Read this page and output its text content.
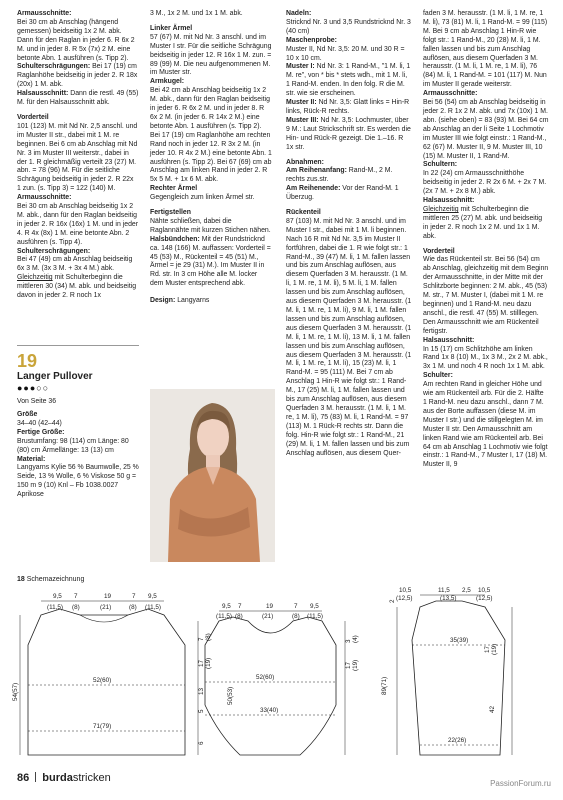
Armausschnitte:
Bei 30 cm ab Anschlag (hängend gemessen) beidseitig 1x 2 M. abk. Dann für den Raglan in jeder 6. R 6x 2 M. und in jeder 8. R 5x (7x) 2 M. eine betonte Abn. 1 ausführen (s. Tipp 2).

Schulterschrägungen: Bei 17 (19) cm Raglanhöhe beidseitig in jeder 2. R 18x (20x) 1 M. abk.

Halsausschnitt: Dann die restl. 49 (55) M. für den Halsausschnitt abk.

Vorderteil

101 (123) M. mit Nd Nr. 2,5 anschl. und im Muster II str., dabei mit 1 M. re beginnen. Bei 6 cm ab Anschlag mit Nd Nr. 3 im Muster III weiterstr., dabei in der 1. R gleichmäßig verteilt 23 (27) M. abn. = 78 (96) M. Für die seitliche Schrägung beidseitig in jeder 2. R 22x 1 zun. (s. Tipp 3) = 122 (140) M.

Armausschnitte:
Bei 30 cm ab Anschlag beidseitig 1x 2 M. abk., dann für den Raglan beidseitig in jeder 2. R 16x (16x) 1 M. und in jeder 4. R 4x (8x) 1 M. eine betonte Abn. 2 ausführen (s. Tipp 4).

Schulterschrägungen:
Bei 47 (49) cm ab Anschlag beidseitig 6x 3 M. (3x 3 M. + 3x 4 M.) abk. Gleichzeitig mit Schulterbeginn die mittleren 30 (34) M. abk. und beidseitig davon in jeder 2. R noch 1x

3 M., 1x 2 M. und 1x 1 M. abk.

Linker Ärmel

57 (67) M. mit Nd Nr. 3 anschl. und im Muster I str. Für die seitliche Schrägung beidseitig in jeder 12. R 16x 1 M. zun. = 89 (99) M. Die neu aufgenommenen M. im Muster str.

Armkugel:
Bei 42 cm ab Anschlag beidseitig 1x 2 M. abk., dann für den Raglan beidseitig in jeder 6. R 6x 2 M. und in jeder 8. R 6x 2 M. (in jeder 6. R 14x 2 M.) eine betonte Abn. 1 ausführen (s. Tipp 2). Bei 17 (19) cm Raglanhöhe am rechten Rand noch in jeder 12. R 3x 2 M. (in jeder 10. R 4x 2 M.) eine betonte Abn. 1 ausführen (s. Tipp 2). Bei 67 (69) cm ab Anschlag am linken Rand in jeder 2. R 5x 5 M. + 1x 6 M. abk.

Rechter Ärmel
Gegengleich zum linken Ärmel str.

Fertigstellen

Nähte schließen, dabei die Raglannähte mit kurzen Stichen nähen.

Halsbündchen: Mit der Rundstricknd ca. 148 (166) M. auffassen: Vorderteil = 45 (53) M., Rückenteil = 45 (51) M., Ärmel = je 29 (31) M.). Im Muster II in Rd. str. In 3 cm Höhe alle M. locker dem Muster entsprechend abk.

Design: Langyarns

Nadeln:
Stricknd Nr. 3 und 3,5 Rundstricknd Nr. 3 (40 cm)

Maschenprobe:
Muster II, Nd Nr. 3,5: 20 M. und 30 R = 10 x 10 cm.

Muster I: Nd Nr. 3: 1 Rand-M., "1 M. li, 1 M. re", von * bis * stets wdh., mit 1 M. li, 1 Rand-M. enden. In den folg. R die M. str. wie sie erscheinen.

Muster II: Nd Nr. 3,5: Glatt links = Hin-R links, Rück-R rechts.

Muster III: Nd Nr. 3,5: Lochmuster, über 9 M.: Laut Strickschrift str. Es werden die Hin- und Rück-R gezeigt. Die 1.–16. R 1x str.

Abnahmen:

Am Reihenanfang: Rand-M., 2 M. rechts zus.str.

Am Reihenende: Vor der Rand-M. 1 Überzug.

Rückenteil

87 (103) M. mit Nd Nr. 3 anschl. und im Muster I str., dabei mit 1 M. li beginnen. Nach 16 R mit Nd Nr. 3,5 im Muster II fortführen, dabei die 1. R wie folgt str.: 1 Rand-M., 39 (47) M. li, 1 M. fallen lassen und bis zum Anschlag auflösen, aus diesem Querfaden 3 M. herausstr. (1 M. li, 1 M. re, 1 M. li), 5 M. li, 1 M. fallen lassen und bis zum Anschlag auflösen, aus diesem Querfaden 3 M. herausstr. (1 M. li, 1 M. re, 1 M. li), 9 M. li, 1 M. fallen lassen und bis zum Anschlag auflösen, aus diesem Querfaden 3 M. herausstr. (1 M. li, 1 M. re, 1 M. li), 13 M. li, 1 M. fallen lassen und bis zum Anschlag auflösen, aus diesem Querfaden 3 M. herausstr. (1 M. li, 1 M. re, 1 M. li), 15 (23) M. li, 1 Rand-M. = 95 (111) M. Bei 7 cm ab Anschlag 1 Hin-R wie folgt str.: 1 Rand-M., 17 (25) M. li, 1 M. fallen lassen und bis zum Anschlag auflösen, aus diesem Querfaden 3 M. herausstr. (1 M. li, 1 M. re, 1 M. li), 75 (83) M. li, 1 Rand-M. = 97 (113) M. 1 Rück-R rechts str. Dann die folg. Hin-R wie folgt str.: 1 Rand-M., 21 (29) M. li, 1 M. fallen lassen und bis zum Anschlag auflösen, aus diesem Quer-

faden 3 M. herausstr. (1 M. li, 1 M. re, 1 M. li), 73 (81) M. li, 1 Rand-M. = 99 (115) M. Bei 9 cm ab Anschlag 1 Hin-R wie folgt str.: 1 Rand-M., 20 (28) M. li, 1 M. fallen lassen und bis zum Anschlag auflösen, aus diesem Querfaden 3 M. herausstr. (1 M. li, 1 M. re, 1 M. li), 76 (84) M. li, 1 Rand-M. = 101 (117) M. Nun im Muster II gerade weiterstr.

Armausschnitte:
Bei 56 (54) cm ab Anschlag beidseitig in jeder 2. R 1x 2 M. abk. und 7x (10x) 1 M. abn. (siehe oben) = 83 (93) M. Bei 64 cm ab Anschlag an der li Seite 1 Lochmotiv im Muster III wie folgt einstr.: 1 Rand-M., 62 (67) M. Muster II, 9 M. Muster III, 10 (15) M. Muster II, 1 Rand-M.

Schultern:
In 22 (24) cm Armausschnitthöhe beidseitig in jeder 2. R 2x 6 M. + 2x 7 M. (2x 7 M. + 2x 8 M.) abk.

Halsausschnitt:
Gleichzeitig mit Schulterbeginn die mittleren 25 (27) M. abk. und beidseitig in jeder 2. R noch 1x 2 M. und 1x 1 M. abk.

Vorderteil

Wie das Rückenteil str. Bei 56 (54) cm ab Anschlag, gleichzeitig mit dem Beginn der Armausschnitte, in der Mitte mit der Schlitzborte beginnen: 2 M. abk., 45 (53) M. str., 7 M. Muster I, (dabei mit 1 M. re beginnen) und 1 Rand-M. neu dazu anschl., die restl. 47 (55) M. stilllegen. Den Armausschnitt wie am Rückenteil fertigstr.

Halsausschnitt:
In 15 (17) cm Schlitzhöhe am linken Rand 1x 8 (10) M., 1x 3 M., 2x 2 M. abk., 3x 1 M. und noch 4 R noch 1x 1 M. abk.

Schulter:
Am rechten Rand in gleicher Höhe und wie am Rückenteil arb. Für die 2. Hälfte 1 Rand-M. neu dazu anschl., dann 7 M. aus der Borte auffassen (diese M. im Muster I str.) und die stillgelegten M. im Muster II str. Den Armausschnitt am linken Rand wie am Rückenteil arb. Bei 64 cm ab Anschlag 1 Lochmotiv wie folgt einstr.: 1 Rand-M., 7 Muster I, 17 (18) M. Muster II, 9

19
Langer Pullover
●●●○○
Von Seite 36
Größe
34–40 (42–44)
Fertige Größe:
Brustumfang: 98 (114) cm Länge: 80 (80) cm Ärmellänge: 13 (13) cm
Material:
Langyarns Kylie 56 % Baumwolle, 25 % Seide, 13 % Wolle, 6 % Viskose 50 g = 150 m 9 (10) Knl – Fb 1038.0027 Aprikose
18 Schemazeichnung
9,5 7	19	7 9,5
(11,5) (8)	(21)	(8) (11,5)
52(60)
71(79)
54(57)
9,5 7	19	7 9,5
(11,5) (8)	(21)	(8) (11,5)
7 (8)
17 (19)
13
5
6
50(53)
52(60)
33(40)
3 (4)
17 (19)
89(71)
10,5
(12,5)
11,5 2,5 10,5
(12,5)
(13,5)
35(39)
17 (19)
42
22(26)
2
86 burdastricken	PassionForum.ru
